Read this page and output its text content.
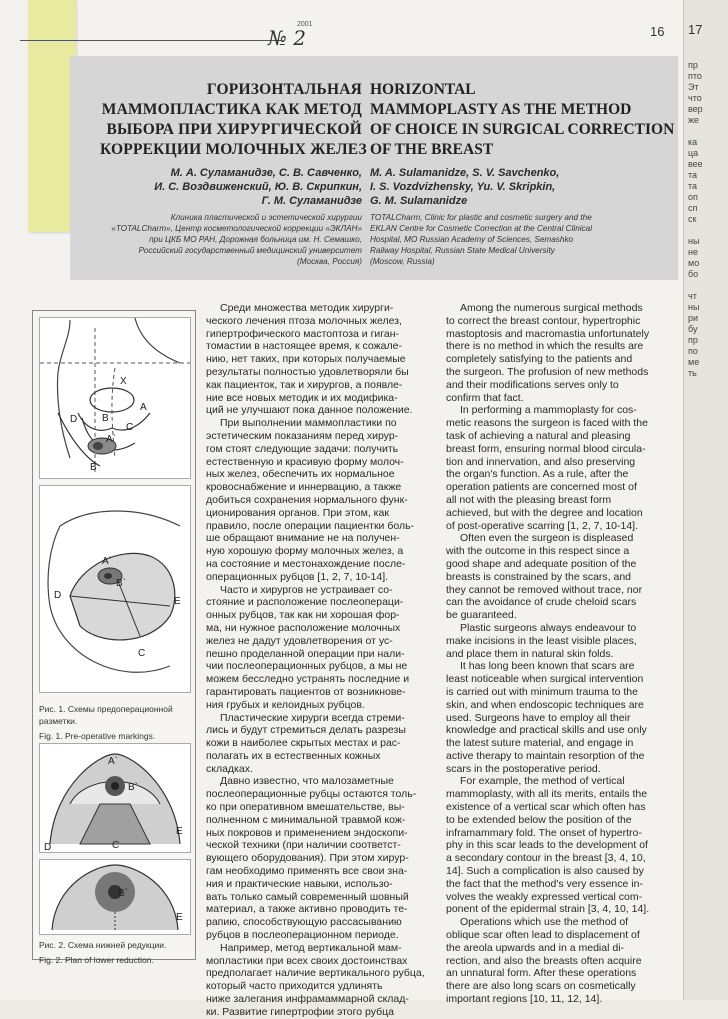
№ 2
2001	16
ГОРИЗОНТАЛЬНАЯ
МАММОПЛАСТИКА КАК МЕТОД
ВЫБОРА ПРИ ХИРУРГИЧЕСКОЙ
КОРРЕКЦИИ МОЛОЧНЫХ ЖЕЛЕЗ
HORIZONTAL
MAMMOPLASTY AS THE METHOD
OF CHOICE IN SURGICAL CORRECTION
OF THE BREAST
М. А. Суламанидзе, С. В. Савченко,
И. С. Воздвиженский, Ю. В. Скрипкин,
Г. М. Суламанидзе
M. A. Sulamanidze, S. V. Savchenko,
I. S. Vozdvizhensky, Yu. V. Skripkin,
G. M. Sulamanidze
Клиника пластической и эстетической хирургии
«TOTALCharm», Центр косметологической коррекции «ЭКЛАН»
при ЦКБ МО РАН, Дорожная больница им. Н. Семашко,
Российский государственный медицинский университет
(Москва, Россия)
TOTALCharm, Clinic for plastic and cosmetic surgery and the
EKLAN Centre for Cosmetic Correction at the Central Clinical
Hospital, MO Russian Academy of Sciences, Semashko
Railway Hospital, Russian State Medical University
(Moscow, Russia)
X
D
A
B
C
A`
B
A`
B`
D
E
C
Рис. 1. Схемы предоперационной разметки.
Fig. 1. Pre-operative markings.
A`
B`
D
E
C
B`
E
Рис. 2. Схема нижней редукции.
Fig. 2. Plan of lower reduction.
Среди множества методик хирурги-
ческого лечения птоза молочных желез,
гипертрофического мастоптоза и гиган-
томастии в настоящее время, к сожале-
нию, нет таких, при которых получаемые
результаты полностью удовлетворяли бы
как пациенток, так и хирургов, а появле-
ние все новых методик и их модифика-
ций не улучшают пока данное положение.
При выполнении маммопластики по
эстетическим показаниям перед хирур-
гом стоят следующие задачи: получить
естественную и красивую форму молоч-
ных желез, обеспечить их нормальное
кровоснабжение и иннервацию, а также
добиться сохранения нормального функ-
ционирования органов. При этом, как
правило, после операции пациентки боль-
ше обращают внимание не на получен-
ную хорошую форму молочных желез, а
на состояние и местонахождение после-
операционных рубцов [1, 2, 7, 10-14].
Часто и хирургов не устраивает со-
стояние и расположение послеопераци-
онных рубцов, так как ни хорошая фор-
ма, ни нужное расположение молочных
желез не дадут удовлетворения от ус-
пешно проделанной операции при нали-
чии послеоперационных рубцов, а мы не
можем бесследно устранять последние и
гарантировать пациентов от возникнове-
ния грубых и келоидных рубцов.
Пластические хирурги всегда стреми-
лись и будут стремиться делать разрезы
кожи в наиболее скрытых местах и рас-
полагать их в естественных кожных
складках.
Давно известно, что малозаметные
послеоперационные рубцы остаются толь-
ко при оперативном вмешательстве, вы-
полненном с минимальной травмой кож-
ных покровов и применением эндоскопи-
ческой техники (при наличии соответст-
вующего оборудования). При этом хирур-
гам необходимо применять все свои зна-
ния и практические навыки, использо-
вать только самый современный шовный
материал, а также активно проводить те-
рапию, способствующую рассасыванию
рубцов в послеоперационном периоде.
Например, метод вертикальной мам-
мопластики при всех своих достоинствах
предполагает наличие вертикального рубца,
который часто приходится удлинять
ниже залегания инфрамаммарной склад-
ки. Развитие гипертрофии этого рубца
Among the numerous surgical methods
to correct the breast contour, hypertrophic
mastoptosis and macromastia unfortunately
there is no method in which the results are
completely satisfying to the patients and
the surgeon. The profusion of new methods
and their modifications serves only to
confirm that fact.
In performing a mammoplasty for cos-
metic reasons the surgeon is faced with the
task of achieving a natural and pleasing
breast form, ensuring normal blood circula-
tion and innervation, and also preserving
the organ's function. As a rule, after the
operation patients are concerned most of
all not with the pleasing breast form
achieved, but with the degree and location
of post-operative scarring [1, 2, 7, 10-14].
Often even the surgeon is displeased
with the outcome in this respect since a
good shape and adequate position of the
breasts is constrained by the scars, and
they cannot be removed without trace, nor
can the avoidance of crude cheloid scars
be guaranteed.
Plastic surgeons always endeavour to
make incisions in the least visible places,
and place them in natural skin folds.
It has long been known that scars are
least noticeable when surgical intervention
is carried out with minimum trauma to the
skin, and when endoscopic techniques are
used. Surgeons have to employ all their
knowledge and practical skills and use only
the latest suture material, and engage in
active therapy to maintain resorption of the
scars in the postoperative period.
For example, the method of vertical
mammoplasty, with all its merits, entails the
existence of a vertical scar which often has
to be extended below the position of the
inframammary fold. The onset of hypertro-
phy in this scar leads to the development of
a secondary contour in the breast [3, 4, 10,
14]. Such a complication is also caused by
the fact that the method's very essence in-
volves the weakly expressed vertical com-
ponent of the epidermal strain [3, 4, 10, 14].
Operations which use the method of
oblique scar often lead to displacement of
the areola upwards and in a medial di-
rection, and also the breasts often acquire
an unnatural form. After these operations
there are also long scars on cosmetically
important regions [10, 11, 12, 14].
17
пр
пто
Эт
что
вер
же
ка
ца
вее
та
та
оп
сп
ск
ны
не
мо
бо
чт
ны
ри
бу
пр
по
ме
ть
